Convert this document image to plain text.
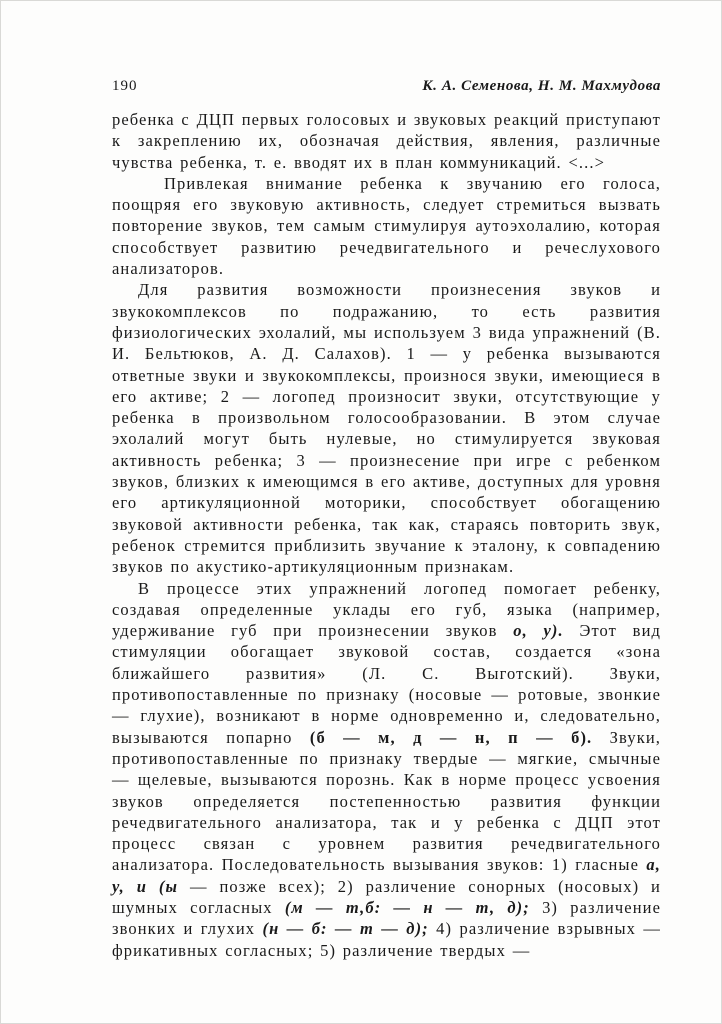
190	К. А. Семенова, Н. М. Махмудова

ребенка с ДЦП первых голосовых и звуковых реакций приступают к закреплению их, обозначая действия, явления, различные чувства ребенка, т. е. вводят их в план коммуникаций. <...>

Привлекая внимание ребенка к звучанию его голоса, поощряя его звуковую активность, следует стремиться вызвать повторение звуков, тем самым стимулируя аутоэхолалию, которая способствует развитию речедвигательного и речеслухового анализаторов.

Для развития возможности произнесения звуков и звукокомплексов по подражанию, то есть развития физиологических эхолалий, мы используем 3 вида упражнений (В. И. Бельтюков, А. Д. Салахов). 1 — у ребенка вызываются ответные звуки и звукокомплексы, произнося звуки, имеющиеся в его активе; 2 — логопед произносит звуки, отсутствующие у ребенка в произвольном голосообразовании. В этом случае эхолалий могут быть нулевые, но стимулируется звуковая активность ребенка; 3 — произнесение при игре с ребенком звуков, близких к имеющимся в его активе, доступных для уровня его артикуляционной моторики, способствует обогащению звуковой активности ребенка, так как, стараясь повторить звук, ребенок стремится приблизить звучание к эталону, к совпадению звуков по акустико-артикуляционным признакам.

В процессе этих упражнений логопед помогает ребенку, создавая определенные уклады его губ, языка (например, удерживание губ при произнесении звуков о, у). Этот вид стимуляции обогащает звуковой состав, создается «зона ближайшего развития» (Л. С. Выготский). Звуки, противопоставленные по признаку (носовые — ротовые, звонкие — глухие), возникают в норме одновременно и, следовательно, вызываются попарно (б — м, д — н, п — б). Звуки, противопоставленные по признаку твердые — мягкие, смычные — щелевые, вызываются порознь. Как в норме процесс усвоения звуков определяется постепенностью развития функции речедвигательного анализатора, так и у ребенка с ДЦП этот процесс связан с уровнем развития речедвигательного анализатора. Последовательность вызывания звуков: 1) гласные а, у, и (ы — позже всех); 2) различение сонорных (носовых) и шумных согласных (м — т,б: — н — т, д); 3) различение звонких и глухих (н — б: — т — д); 4) различение взрывных — фрикативных согласных; 5) различение твердых —
